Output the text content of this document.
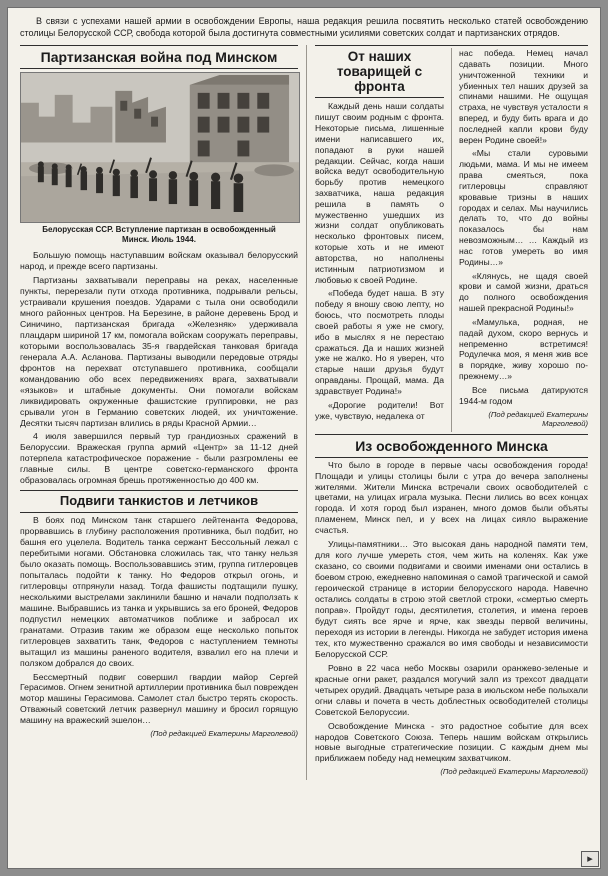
В связи с успехами нашей армии в освобождении Европы, наша редакция решила посвятить несколько статей освобождению столицы Белорусской ССР, свобода которой была достигнута совместными усилиями советских солдат и партизанских отрядов.

Партизанская война под Минском
Белорусская ССР. Вступление партизан в освобожденный Минск. Июль 1944.

Большую помощь наступавшим войскам оказывал белорусский народ, и прежде всего партизаны.

Партизаны захватывали переправы на реках, населенные пункты, перерезали пути отхода противника, подрывали рельсы, устраивали крушения поездов. Ударами с тыла они освободили много районных центров. На Березине, в районе деревень Брод и Синичино, партизанская бригада «Железняк» удерживала плацдарм шириной 17 км, помогала войскам сооружать переправы, которыми воспользовалась 35-я гвардейская танковая бригада генерала А.А. Асланова. Партизаны выводили передовые отряды фронтов на перехват отступавшего противника, сообщали командованию обо всех передвижениях врага, захватывали «языков» и штабные документы. Они помогали войскам ликвидировать окруженные фашистские группировки, не раз срывали угон в Германию советских людей, их уничтожение. Десятки тысяч партизан влились в ряды Красной Армии…

4 июля завершился первый тур грандиозных сражений в Белоруссии. Вражеская группа армий «Центр» за 11-12 дней потерпела катастрофическое поражение - были разгромлены ее главные силы. В центре советско-германского фронта образовалась огромная брешь протяженностью до 400 км.

Подвиги танкистов и летчиков

В боях под Минском танк старшего лейтенанта Федорова, прорвавшись в глубину расположения противника, был подбит, но башня его уцелела. Водитель танка сержант Бессольный лежал с перебитыми ногами. Обстановка сложилась так, что танку нельзя было оказать помощь. Воспользовавшись этим, группа гитлеровцев попыталась подойти к танку. Но Федоров открыл огонь, и гитлеровцы отпрянули назад. Тогда фашисты подтащили пушку, несколькими выстрелами заклинили башню и начали подползать к машине. Выбравшись из танка и укрывшись за его броней, Федоров подпустил немецких автоматчиков поближе и забросал их гранатами. Отразив таким же образом еще несколько попыток гитлеровцев захватить танк, Федоров с наступлением темноты вытащил из машины раненого водителя, взвалил его на плечи и ползком добрался до своих.

Бессмертный подвиг совершил гвардии майор Сергей Герасимов. Огнем зенитной артиллерии противника был поврежден мотор машины Герасимова. Самолет стал быстро терять скорость. Отважный советский летчик развернул машину и бросил горящую машину на вражеский эшелон…

(Под редакцией Екатерины Марголевой)
От наших товарищей с фронта

Каждый день наши солдаты пишут своим родным с фронта. Некоторые письма, лишенные имени написавшего их, попадают в руки нашей редакции. Сейчас, когда наши войска ведут освободительную борьбу против немецкого захватчика, наша редакция решила в память о мужественно ушедших из жизни солдат опубликовать несколько фронтовых писем, которые хоть и не имеют авторства, но наполнены истинным патриотизмом и любовью к своей Родине.

«Победа будет наша. В эту победу я вношу свою лепту, но боюсь, что посмотреть плоды своей работы я уже не смогу, ибо в мыслях я не перестаю сражаться. Да и наших жизней уже не жалко. Но я уверен, что старые наши друзья будут оправданы. Прощай, мама. Да здравствует Родина!»

«Дорогие родители! Вот уже, чувствую, недалека от

нас победа. Немец начал сдавать позиции. Много уничтоженной техники и убиенных тел наших друзей за спинами нашими. Не ощущая страха, не чувствуя усталости я вперед, и буду бить врага и до последней капли крови буду верен Родине своей!»

«Мы стали суровыми людьми, мама. И мы не имеем права смеяться, пока гитлеровцы справляют кровавые тризны в наших городах и селах. Мы научились делать то, что до войны показалось бы нам невозможным… … Каждый из нас готов умереть во имя Родины…»

«Клянусь, не щадя своей крови и самой жизни, драться до полного освобождения нашей прекрасной Родины!»

«Мамулька, родная, не падай духом, скоро вернусь и непременно встретимся! Родулечка моя, я меня жив все в порядке, живу хорошо по-прежнему…»

Все письма датируются 1944-м годом

(Под редакцией Екатерины Марголевой)
Из освобожденного Минска

Что было в городе в первые часы освобождения города! Площади и улицы столицы были с утра до вечера заполнены жителями. Жители Минска встречали своих освободителей с цветами, на улицах играла музыка. Песни лились во всех концах города. И хотя город был изранен, много домов были объяты пламенем, Минск пел, и у всех на лицах сияло выражение счастья.

Улицы-памятники… Это высокая дань народной памяти тем, для кого лучше умереть стоя, чем жить на коленях. Как уже сказано, со своими подвигами и своими именами они остались в боевом строю, ежедневно напоминая о самой трагической и самой героической странице в истории белорусского народа. Навечно остались солдаты в строю этой светлой строки, «смертью смерть поправ». Пройдут годы, десятилетия, столетия, и имена героев будут сиять все ярче и ярче, как звезды первой величины, переходя из истории в легенды. Никогда не забудет история имена тех, кто мужественно сражался во имя свободы и независимости Белорусской ССР.

Ровно в 22 часа небо Москвы озарили оранжево-зеленые и красные огни ракет, раздался могучий залп из трехсот двадцати четырех орудий. Двадцать четыре раза в июльском небе полыхали огни славы и почета в честь доблестных освободителей столицы Советской Белоруссии.

Освобождение Минска - это радостное событие для всех народов Советского Союза. Теперь нашим войскам открылись новые выгодные стратегические позиции. С каждым днем мы приближаем победу над немецким захватчиком.

(Под редакцией Екатерины Марголевой)
▸
